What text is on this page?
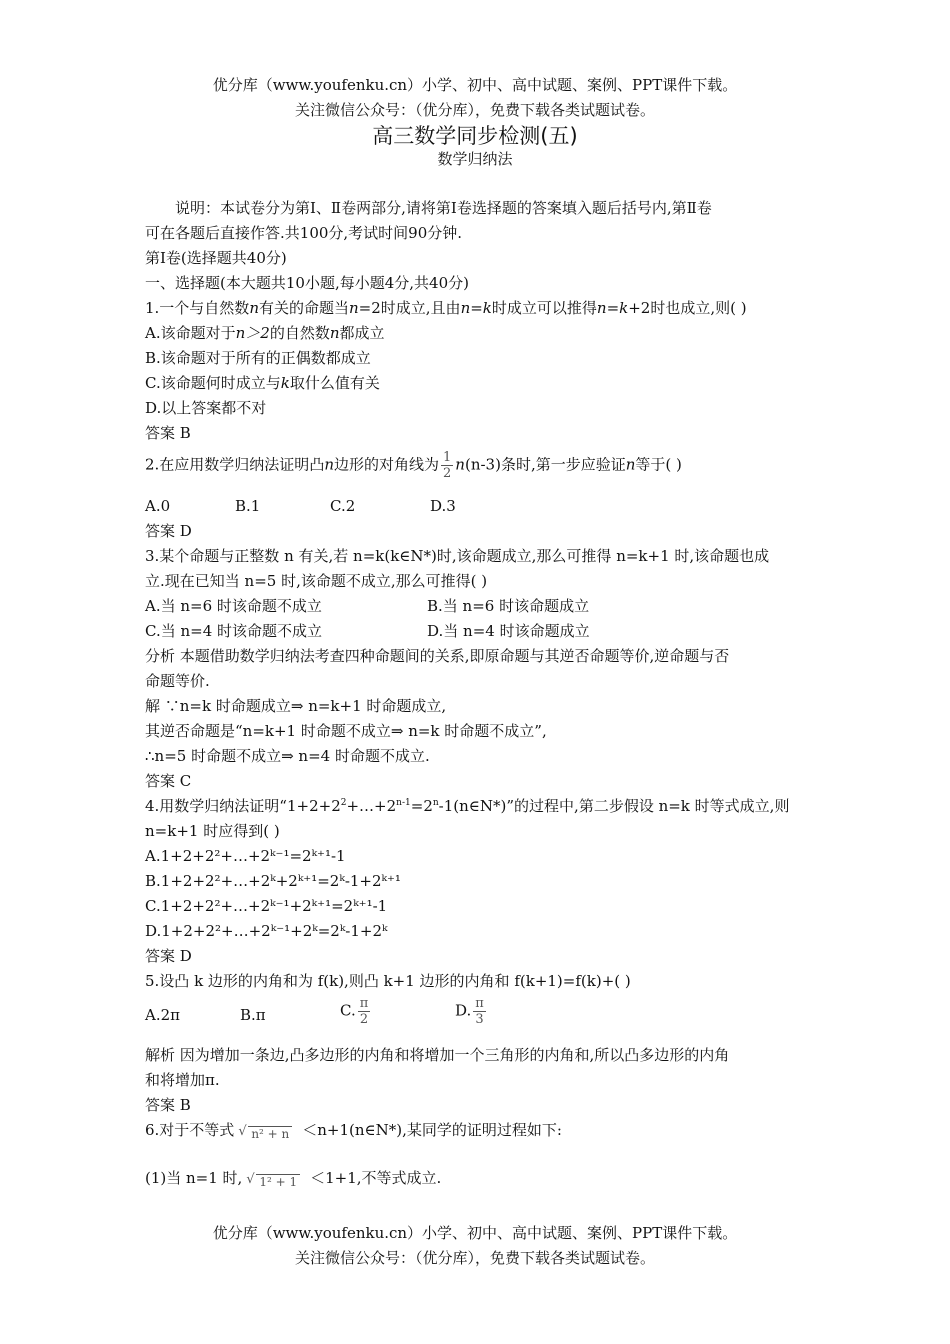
优分库（www.youfenku.cn）小学、初中、高中试题、案例、PPT课件下载。
关注微信公众号：（优分库），免费下载各类试题试卷。
高三数学同步检测(五)
数学归纳法
说明：本试卷分为第Ⅰ、Ⅱ卷两部分,请将第Ⅰ卷选择题的答案填入题后括号内,第Ⅱ卷
可在各题后直接作答.共100分,考试时间90分钟.
第Ⅰ卷(选择题共40分)
一、选择题(本大题共10小题,每小题4分,共40分)
1.一个与自然数n有关的命题当n=2时成立,且由n=k时成立可以推得n=k+2时也成立,则( )
A.该命题对于n＞2的自然数n都成立
B.该命题对于所有的正偶数都成立
C.该命题何时成立与k取什么值有关
D.以上答案都不对
答案 B
2.在应用数学归纳法证明凸n边形的对角线为 $\frac{1}{2} n(n-3)$条时,第一步应验证n等于( )
A.0	B.1	C.2	D.3
答案 D
3.某个命题与正整数 n 有关,若 n=k(k∈N*)时,该命题成立,那么可推得 n=k+1 时,该命题也成
立.现在已知当 n=5 时,该命题不成立,那么可推得( )
A.当 n=6 时该命题不成立	B.当 n=6 时该命题成立
C.当 n=4 时该命题不成立	D.当 n=4 时该命题成立
分析 本题借助数学归纳法考查四种命题间的关系,即原命题与其逆否命题等价,逆命题与否
命题等价.
解 ∵n=k 时命题成立⇒ n=k+1 时命题成立,
其逆否命题是“n=k+1 时命题不成立⇒ n=k 时命题不成立”,
∴n=5 时命题不成立⇒ n=4 时命题不成立.
答案 C
4.用数学归纳法证明“$1+2+2^2+\dots+2^{n-1}=2^n-1(n\in N*)$”的过程中,第二步假设 n=k 时等式成立,则
n=k+1 时应得到( )
A.1+2+2²+…+2ᵏ⁻¹=2ᵏ⁺¹-1
B.1+2+2²+…+2ᵏ+2ᵏ⁺¹=2ᵏ-1+2ᵏ⁺¹
C.1+2+2²+…+2ᵏ⁻¹+2ᵏ⁺¹=2ᵏ⁺¹-1
D.1+2+2²+…+2ᵏ⁻¹+2ᵏ=2ᵏ-1+2ᵏ
答案 D
5.设凸 k 边形的内角和为 f(k),则凸 k+1 边形的内角和 f(k+1)=f(k)+( )
A.2π	B.π	C. $\frac{\pi}{2}$	D. $\frac{\pi}{3}$
解析 因为增加一条边,凸多边形的内角和将增加一个三角形的内角和,所以凸多边形的内角
和将增加π.
答案 B
6.对于不等式 √ n² + n ＜n+1(n∈N*),某同学的证明过程如下:
(1)当 n=1 时, √ 1² + 1 ＜1+1,不等式成立.
优分库（www.youfenku.cn）小学、初中、高中试题、案例、PPT课件下载。
关注微信公众号：（优分库），免费下载各类试题试卷。
